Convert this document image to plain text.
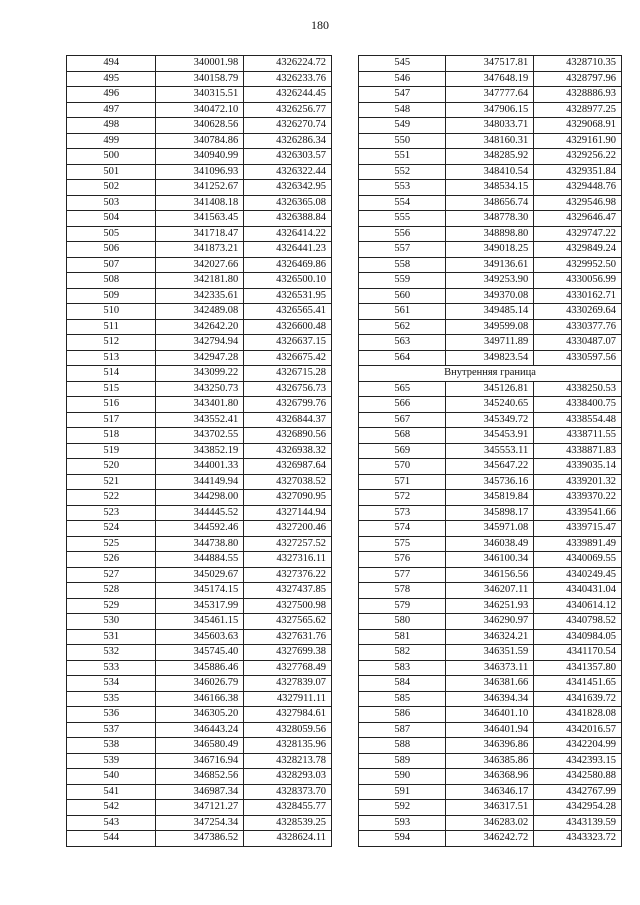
180
494	340001.98	4326224.72
495	340158.79	4326233.76
496	340315.51	4326244.45
497	340472.10	4326256.77
498	340628.56	4326270.74
499	340784.86	4326286.34
500	340940.99	4326303.57
501	341096.93	4326322.44
502	341252.67	4326342.95
503	341408.18	4326365.08
504	341563.45	4326388.84
505	341718.47	4326414.22
506	341873.21	4326441.23
507	342027.66	4326469.86
508	342181.80	4326500.10
509	342335.61	4326531.95
510	342489.08	4326565.41
511	342642.20	4326600.48
512	342794.94	4326637.15
513	342947.28	4326675.42
514	343099.22	4326715.28
515	343250.73	4326756.73
516	343401.80	4326799.76
517	343552.41	4326844.37
518	343702.55	4326890.56
519	343852.19	4326938.32
520	344001.33	4326987.64
521	344149.94	4327038.52
522	344298.00	4327090.95
523	344445.52	4327144.94
524	344592.46	4327200.46
525	344738.80	4327257.52
526	344884.55	4327316.11
527	345029.67	4327376.22
528	345174.15	4327437.85
529	345317.99	4327500.98
530	345461.15	4327565.62
531	345603.63	4327631.76
532	345745.40	4327699.38
533	345886.46	4327768.49
534	346026.79	4327839.07
535	346166.38	4327911.11
536	346305.20	4327984.61
537	346443.24	4328059.56
538	346580.49	4328135.96
539	346716.94	4328213.78
540	346852.56	4328293.03
541	346987.34	4328373.70
542	347121.27	4328455.77
543	347254.34	4328539.25
544	347386.52	4328624.11
545	347517.81	4328710.35
546	347648.19	4328797.96
547	347777.64	4328886.93
548	347906.15	4328977.25
549	348033.71	4329068.91
550	348160.31	4329161.90
551	348285.92	4329256.22
552	348410.54	4329351.84
553	348534.15	4329448.76
554	348656.74	4329546.98
555	348778.30	4329646.47
556	348898.80	4329747.22
557	349018.25	4329849.24
558	349136.61	4329952.50
559	349253.90	4330056.99
560	349370.08	4330162.71
561	349485.14	4330269.64
562	349599.08	4330377.76
563	349711.89	4330487.07
564	349823.54	4330597.56
Внутренняя граница		
565	345126.81	4338250.53
566	345240.65	4338400.75
567	345349.72	4338554.48
568	345453.91	4338711.55
569	345553.11	4338871.83
570	345647.22	4339035.14
571	345736.16	4339201.32
572	345819.84	4339370.22
573	345898.17	4339541.66
574	345971.08	4339715.47
575	346038.49	4339891.49
576	346100.34	4340069.55
577	346156.56	4340249.45
578	346207.11	4340431.04
579	346251.93	4340614.12
580	346290.97	4340798.52
581	346324.21	4340984.05
582	346351.59	4341170.54
583	346373.11	4341357.80
584	346381.66	4341451.65
585	346394.34	4341639.72
586	346401.10	4341828.08
587	346401.94	4342016.57
588	346396.86	4342204.99
589	346385.86	4342393.15
590	346368.96	4342580.88
591	346346.17	4342767.99
592	346317.51	4342954.28
593	346283.02	4343139.59
594	346242.72	4343323.72
